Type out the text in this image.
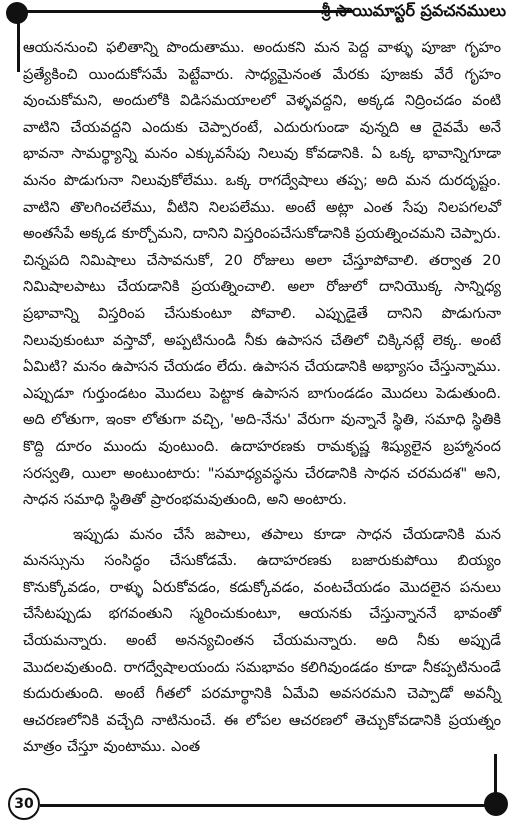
శ్రీ సాయిమాస్టర్ ప్రవచనములు

ఆయననుంచి ఫలితాన్ని పొందుతాము. అందుకని మన పెద్ద వాళ్ళు పూజా గృహం ప్రత్యేకించి యిందుకోసమే పెట్టేవారు. సాధ్యమైనంత మేరకు పూజకు వేరే గృహం వుంచుకోమని, అందులోకి విడిసమయాలలో వెళ్ళవద్దని, అక్కడ నిద్రించడం వంటి వాటిని చేయవద్దని ఎందుకు చెప్పారంటే, ఎదురుగుండా వున్నది ఆ దైవమే అనే భావనా సామర్థ్యాన్ని మనం ఎక్కువసేపు నిలువు కోవడానికి. ఏ ఒక్క భావాన్నిగూడా మనం పొడుగునా నిలువుకోలేము. ఒక్క రాగద్వేషాలు తప్ప; అది మన దురదృష్టం. వాటిని తొలగించలేము, వీటిని నిలపలేము. అంటే అట్లా ఎంత సేపు నిలపగలవో అంతసేపే అక్కడ కూర్చోమని, దానిని విస్తరింపచేసుకోడానికి ప్రయత్నించమని చెప్పారు. చిన్నపది నిమిషాలు చేసావనుకో, 20 రోజులు అలా చేస్తూపోవాలి. తర్వాత 20 నిమిషాలపాటు చేయడానికి ప్రయత్నించాలి. అలా రోజులో దానియొక్క సాన్నిధ్య ప్రభావాన్ని విస్తరింప చేసుకుంటూ పోవాలి. ఎప్పుడైతే దానిని పొడుగునా నిలువుకుంటూ వస్తావో, అప్పటినుండి నీకు ఉపాసన చేతిలో చిక్కినట్లే లెక్క. అంటే ఏమిటి? మనం ఉపాసన చేయడం లేదు. ఉపాసన చేయడానికి అభ్యాసం చేస్తున్నాము. ఎప్పుడూ గుర్తుండటం మొదలు పెట్టాక ఉపాసన బాగుండడం మొదలు పెడుతుంది. అది లోతుగా, ఇంకా లోతుగా వచ్చి, 'అది-నేను' వేరుగా వున్నానే స్థితి, సమాధి స్థితికి కొద్ది దూరం ముందు వుంటుంది. ఉదాహరణకు రామకృష్ణ శిష్యులైన బ్రహ్మానంద సరస్వతి, యిలా అంటుంటారు: "సమాధ్యవస్థను చేరడానికి సాధన చరమదశ" అని, సాధన సమాధి స్థితితో ప్రారంభమవుతుంది, అని అంటారు.

ఇప్పుడు మనం చేసే జపాలు, తపాలు కూడా సాధన చేయడానికి మన మనస్సును సంసిద్ధం చేసుకోడమే. ఉదాహరణకు బజారుకుపోయి బియ్యం కొనుక్కోవడం, రాళ్ళు ఏరుకోవడం, కడుక్కోవడం, వంటచేయడం మొదలైన పనులు చేసేటప్పుడు భగవంతుని స్మరించుకుంటూ, ఆయనకు చేస్తున్నాననే భావంతో చేయమన్నారు. అంటే అనన్యచింతన చేయమన్నారు. అది నీకు అప్పుడే మొదలవుతుంది. రాగద్వేషాలయందు సమభావం కలిగివుండడం కూడా నీకప్పటినుండే కుదురుతుంది. అంటే గీతలో పరమార్థానికి ఏమేవి అవసరమని చెప్పాడో అవన్నీ ఆచరణలోనికి వచ్చేది నాటినుంచే. ఈ లోపల ఆచరణలో తెచ్చుకోవడానికి ప్రయత్నం మాత్రం చేస్తూ వుంటాము. ఎంత

30
